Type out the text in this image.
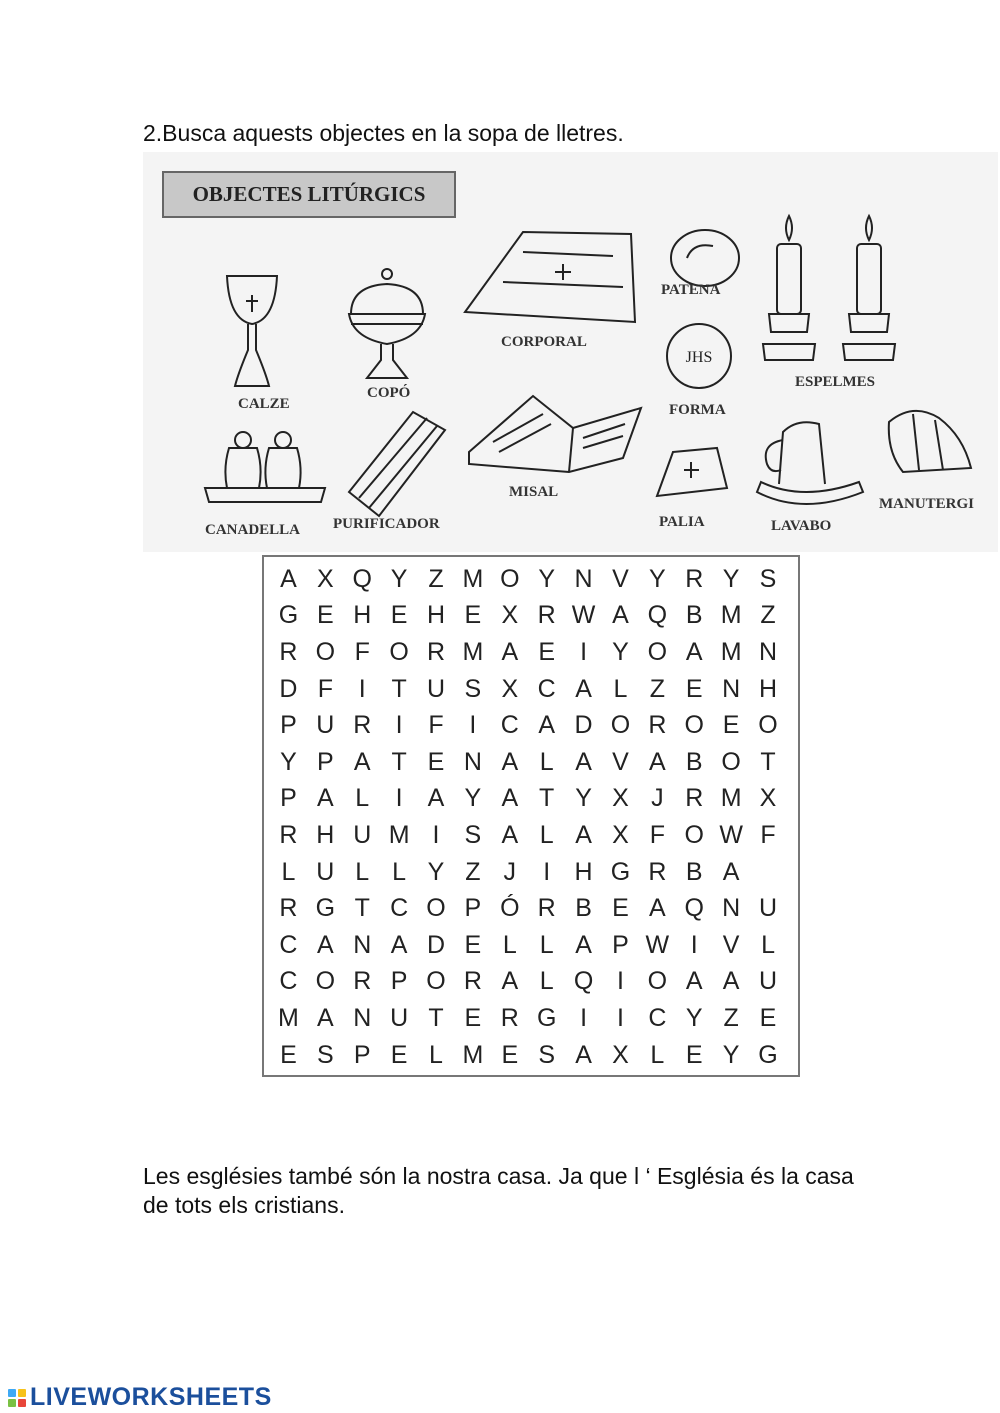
2.Busca aquests objectes en la sopa de lletres.

OBJECTES LITÚRGICS
CALZE
COPÓ
CORPORAL
PATENA
JHS
ESPELMES
FORMA
CANADELLA PURIFICADOR
MISAL
PALIA	LAVABO
MANUTERGI
A	X	Q	Y	Z	M	O	Y	N	V	Y	R	Y	S
G	E	H	E	H	E	X	R	W	A	Q	B	M	Z
R	O	F	O	R	M	A	E	I	Y	O	A	M	N
D	F	I	T	U	S	X	C	A	L	Z	E	N	H
P	U	R	I	F	I	C	A	D	O	R	O	E	O
Y	P	A	T	E	N	A	L	A	V	A	B	O	T
P	A	L	I	A	Y	A	T	Y	X	J	R	M	X
R	H	U	M	I	S	A	L	A	X	F	O	W	F
L	U	L	L	Y	Z	J	I	H	G	R	B	A	
R	G	T	C	O	P	Ó	R	B	E	A	Q	N	U
C	A	N	A	D	E	L	L	A	P	W	I	V	L
C	O	R	P	O	R	A	L	Q	I	O	A	A	U
M	A	N	U	T	E	R	G	I	I	C	Y	Z	E
E	S	P	E	L	M	E	S	A	X	L	E	Y	G

Les esglésies també són la nostra casa. Ja que l ‘ Església és la casa de tots els cristians.

LIVEWORKSHEETS
